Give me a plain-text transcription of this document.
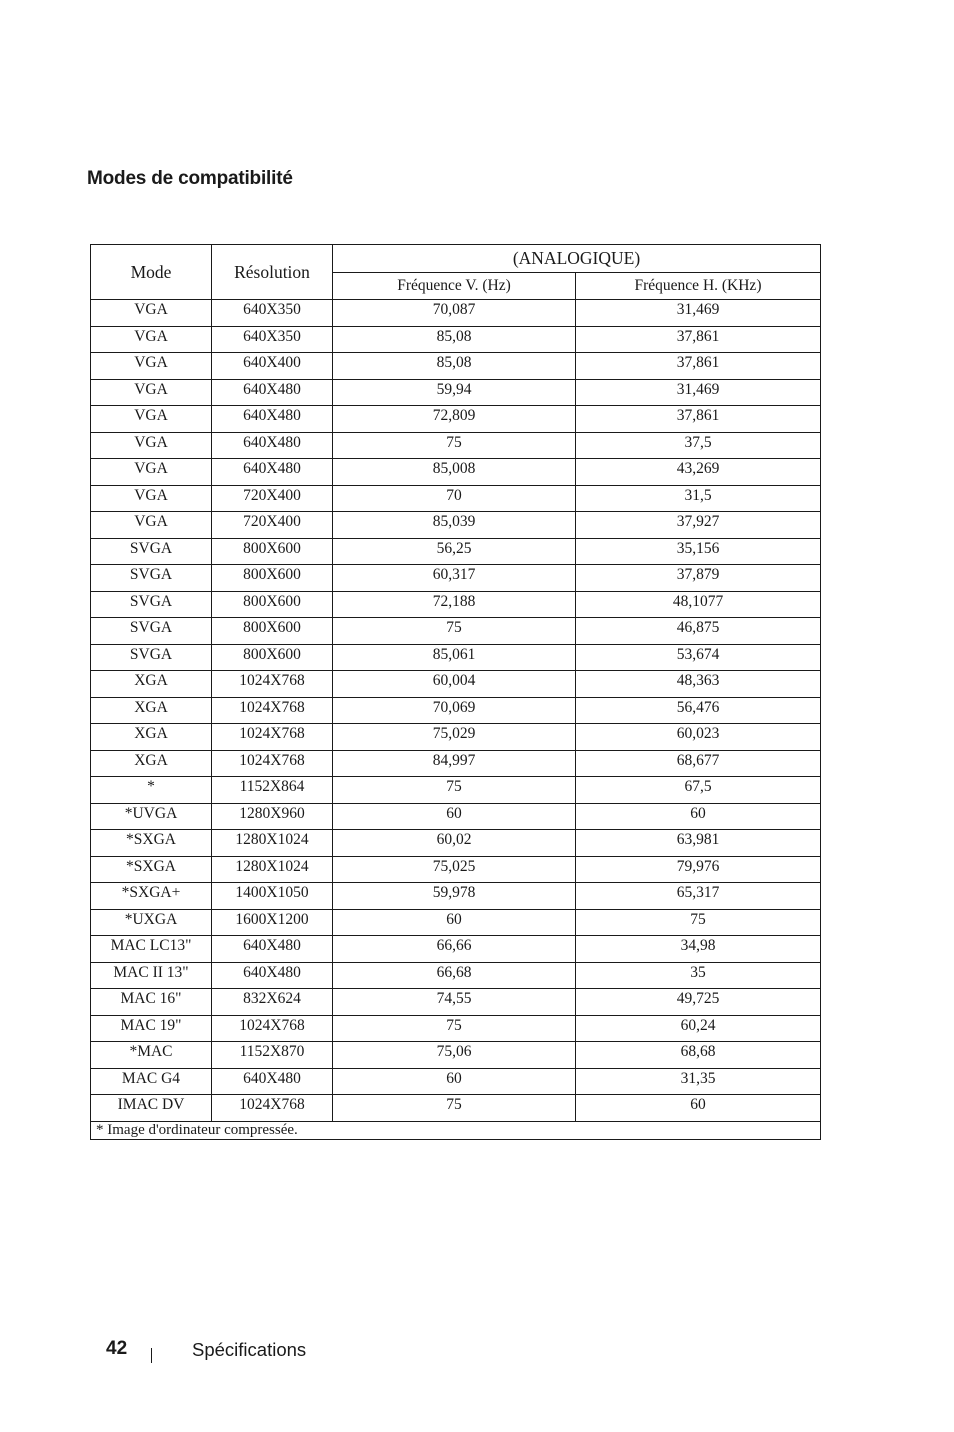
Modes de compatibilité
Mode	Résolution	(ANALOGIQUE)	
		Fréquence V. (Hz)	Fréquence H. (KHz)
VGA	640X350	70,087	31,469
VGA	640X350	85,08	37,861
VGA	640X400	85,08	37,861
VGA	640X480	59,94	31,469
VGA	640X480	72,809	37,861
VGA	640X480	75	37,5
VGA	640X480	85,008	43,269
VGA	720X400	70	31,5
VGA	720X400	85,039	37,927
SVGA	800X600	56,25	35,156
SVGA	800X600	60,317	37,879
SVGA	800X600	72,188	48,1077
SVGA	800X600	75	46,875
SVGA	800X600	85,061	53,674
XGA	1024X768	60,004	48,363
XGA	1024X768	70,069	56,476
XGA	1024X768	75,029	60,023
XGA	1024X768	84,997	68,677
*	1152X864	75	67,5
*UVGA	1280X960	60	60
*SXGA	1280X1024	60,02	63,981
*SXGA	1280X1024	75,025	79,976
*SXGA+	1400X1050	59,978	65,317
*UXGA	1600X1200	60	75
MAC LC13"	640X480	66,66	34,98
MAC II 13"	640X480	66,68	35
MAC 16"	832X624	74,55	49,725
MAC 19"	1024X768	75	60,24
*MAC	1152X870	75,06	68,68
MAC G4	640X480	60	31,35
IMAC DV	1024X768	75	60
* Image d'ordinateur compressée.			
42	Spécifications
